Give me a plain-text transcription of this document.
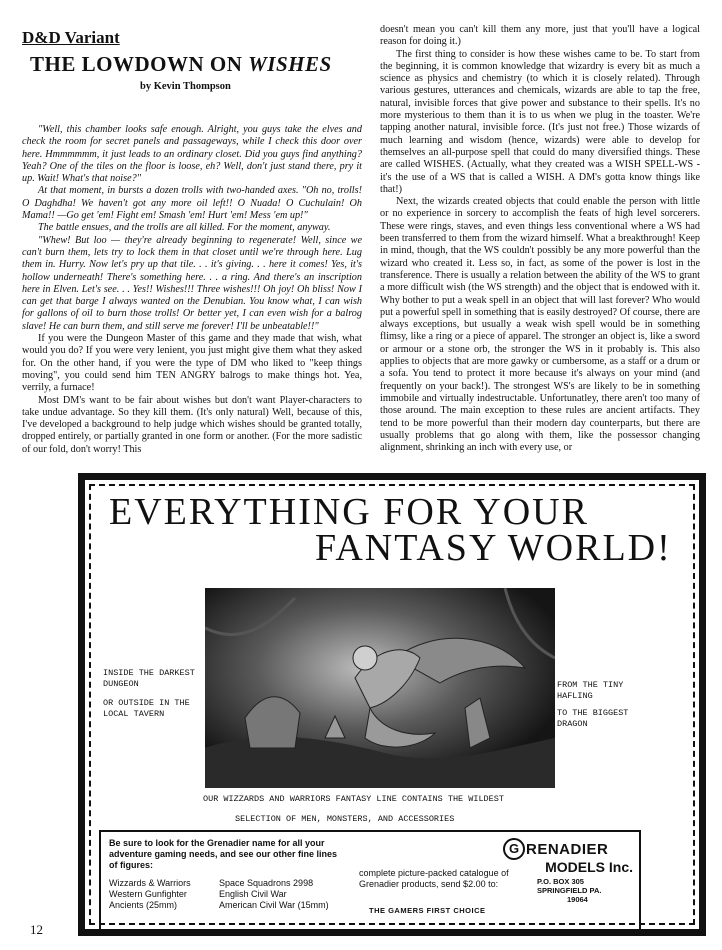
D&D Variant
THE LOWDOWN ON WISHES
by Kevin Thompson

"Well, this chamber looks safe enough. Alright, you guys take the elves and check the room for secret panels and passageways, while I check this door over here. Hmmmmmm, it just leads to an ordinary closet. Did you guys find anything? Yeah? One of the tiles on the floor is loose, eh? Well, don't just stand there, pry it up. Wait! What's that noise?"

At that moment, in bursts a dozen trolls with two-handed axes. "Oh no, trolls! O Daghdha! We haven't got any more oil left!! O Nuada! O Cuchulain! Oh Mama!! —Go get 'em! Fight em! Smash 'em! Hurt 'em! Mess 'em up!"

The battle ensues, and the trolls are all killed. For the moment, anyway.

"Whew! But loo — they're already beginning to regenerate! Well, since we can't burn them, lets try to lock them in that closet until we're through here. Lug them in. Hurry. Now let's pry up that tile. . . it's giving. . . here it comes! Yes, it's hollow underneath! There's something here. . . a ring. And there's an inscription here in Elven. Let's see. . . Yes!! Wishes!!! Three wishes!!! Oh joy! Oh bliss! Now I can get that barge I always wanted on the Denubian. You know what, I can wish for gallons of oil to burn those trolls! Or better yet, I can even wish for a balrog slave! He can burn them, and still serve me forever! I'll be unbeatable!!"

If you were the Dungeon Master of this game and they made that wish, what would you do? If you were very lenient, you just might give them what they asked for. On the other hand, if you were the type of DM who liked to "keep things moving", you could send him TEN ANGRY balrogs to make things hot. Yea, verrily, a furnace!

Most DM's want to be fair about wishes but don't want Player-characters to take undue advantage. So they kill them. (It's only natural) Well, because of this, I've developed a background to help judge which wishes should be granted totally, dropped entirely, or partially granted in one form or another. (For the more sadistic of our fold, don't worry! This

doesn't mean you can't kill them any more, just that you'll have a logical reason for doing it.)

The first thing to consider is how these wishes came to be. To start from the beginning, it is common knowledge that wizardry is every bit as much a science as physics and chemistry (to which it is closely related). Through various gestures, utterances and chemicals, wizards are able to tap the free, natural, invisible forces that give power and substance to their spells. It's no more mysterious to them than it is to us when we plug in the toaster. We're tapping another natural, invisible force. (It's just not free.) Those wizards of much learning and wisdom (hence, wizards) were able to develop for themselves an all-purpose spell that could do many diversified things. These are called WISHES. (Actually, what they created was a WISH SPELL-WS - it's the use of a WS that is called a WISH. A DM's gotta know things like that!)

Next, the wizards created objects that could enable the person with little or no experience in sorcery to accomplish the feats of high level sorcerers. These were rings, staves, and even things less conventional where a WS had been transferred to them from the wizard himself. What a breakthrough! Keep in mind, though, that the WS couldn't possibly be any more powerful than the wizard who created it. Less so, in fact, as some of the power is lost in the transference. There is usually a relation between the ability of the WS to grant a more difficult wish (the WS strength) and the object that is endowed with it. Why bother to put a weak spell in an object that will last forever? Who would put a powerful spell in something that is easily destroyed? Of course, there are always exceptions, but usually a weak wish spell would be in something flimsy, like a ring or a piece of apparel. The stronger an object is, like a sword or armour or a stone orb, the stronger the WS in it probably is. This also applies to objects that are more gawky or cumbersome, as a staff or a drum or a sofa. You tend to protect it more because it's always on your mind (and frequently on your back!). The strongest WS's are likely to be in something immobile and virtually indestructable. Unfortunatley, there aren't too many of those around. The main exception to these rules are ancient artifacts. They tend to be more powerful than their modern day counterparts, but there are usually problems that go along with them, like the possessor changing alignment, shrinking an inch with every use, or

EVERYTHING FOR YOUR
FANTASY WORLD!
INSIDE THE DARKEST DUNGEON
OR OUTSIDE IN THE LOCAL TAVERN
FROM THE TINY HAFLING
TO THE BIGGEST DRAGON
OUR WIZZARDS AND WARRIORS FANTASY LINE CONTAINS THE WILDEST
SELECTION OF MEN, MONSTERS, AND ACCESSORIES
Be sure to look for the Grenadier name for all your adventure gaming needs, and see our other fine lines of figures:
Wizzards & Warriors
Western Gunfighter
Ancients (25mm)
Space Squadrons 2998
English Civil War
American Civil War (15mm)
complete picture-packed catalogue of Grenadier products, send $2.00 to:
THE GAMERS FIRST CHOICE
G RENADIER
MODELS Inc.
P.O. BOX 305
SPRINGFIELD PA.
19064
12
